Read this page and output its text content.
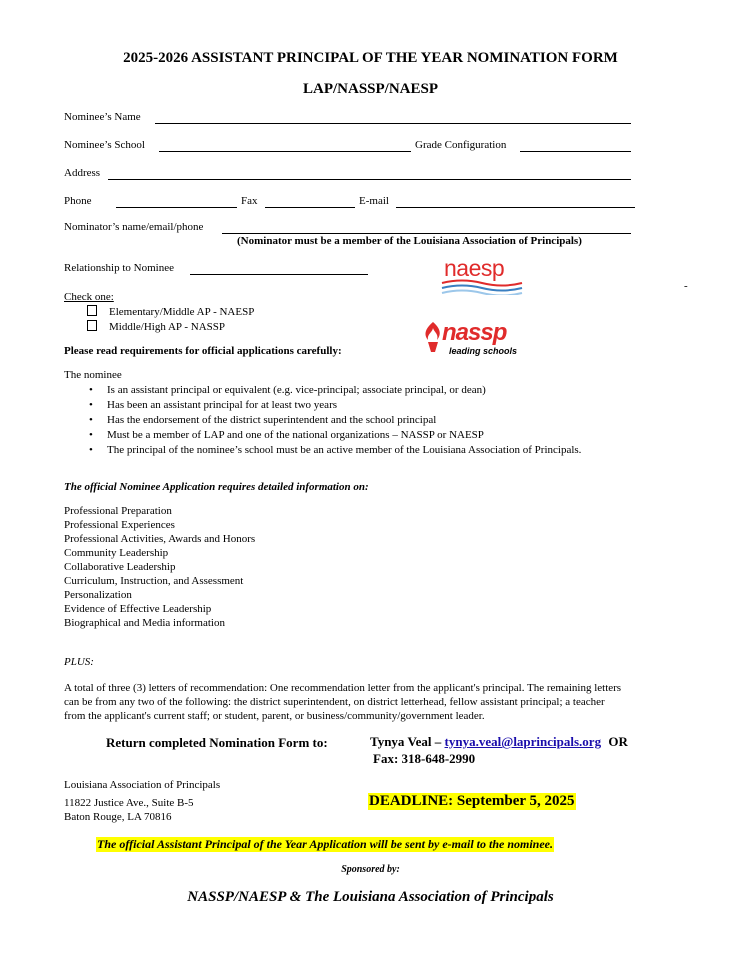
2025-2026 ASSISTANT PRINCIPAL OF THE YEAR NOMINATION FORM
LAP/NASSP/NAESP
Nominee’s Name
Nominee’s School	Grade Configuration
Address
Phone	Fax	E-mail
Nominator’s name/email/phone
(Nominator must be a member of the Louisiana Association of Principals)
Relationship to Nominee	naesp
-
Check one:
Elementary/Middle AP - NAESP
Middle/High AP - NASSP	nassp
leading schools
Please read requirements for official applications carefully:
The nominee
• Is an assistant principal or equivalent (e.g. vice-principal; associate principal, or dean)
• Has been an assistant principal for at least two years
• Has the endorsement of the district superintendent and the school principal
• Must be a member of LAP and one of the national organizations – NASSP or NAESP
• The principal of the nominee’s school must be an active member of the Louisiana Association of Principals.
The official Nominee Application requires detailed information on:
Professional Preparation
Professional Experiences
Professional Activities, Awards and Honors
Community Leadership
Collaborative Leadership
Curriculum, Instruction, and Assessment
Personalization
Evidence of Effective Leadership
Biographical and Media information
PLUS:
A total of three (3) letters of recommendation: One recommendation letter from the applicant's principal. The remaining letters
can be from any two of the following: the district superintendent, on district letterhead, fellow assistant principal; a teacher
from the applicant's current staff; or student, parent, or business/community/government leader.
Return completed Nomination Form to:	Tynya Veal – tynya.veal@laprincipals.org OR
Fax: 318-648-2990
Louisiana Association of Principals
11822 Justice Ave., Suite B-5
Baton Rouge, LA 70816
DEADLINE: September 5, 2025
The official Assistant Principal of the Year Application will be sent by e-mail to the nominee.
Sponsored by:
NASSP/NAESP & The Louisiana Association of Principals
